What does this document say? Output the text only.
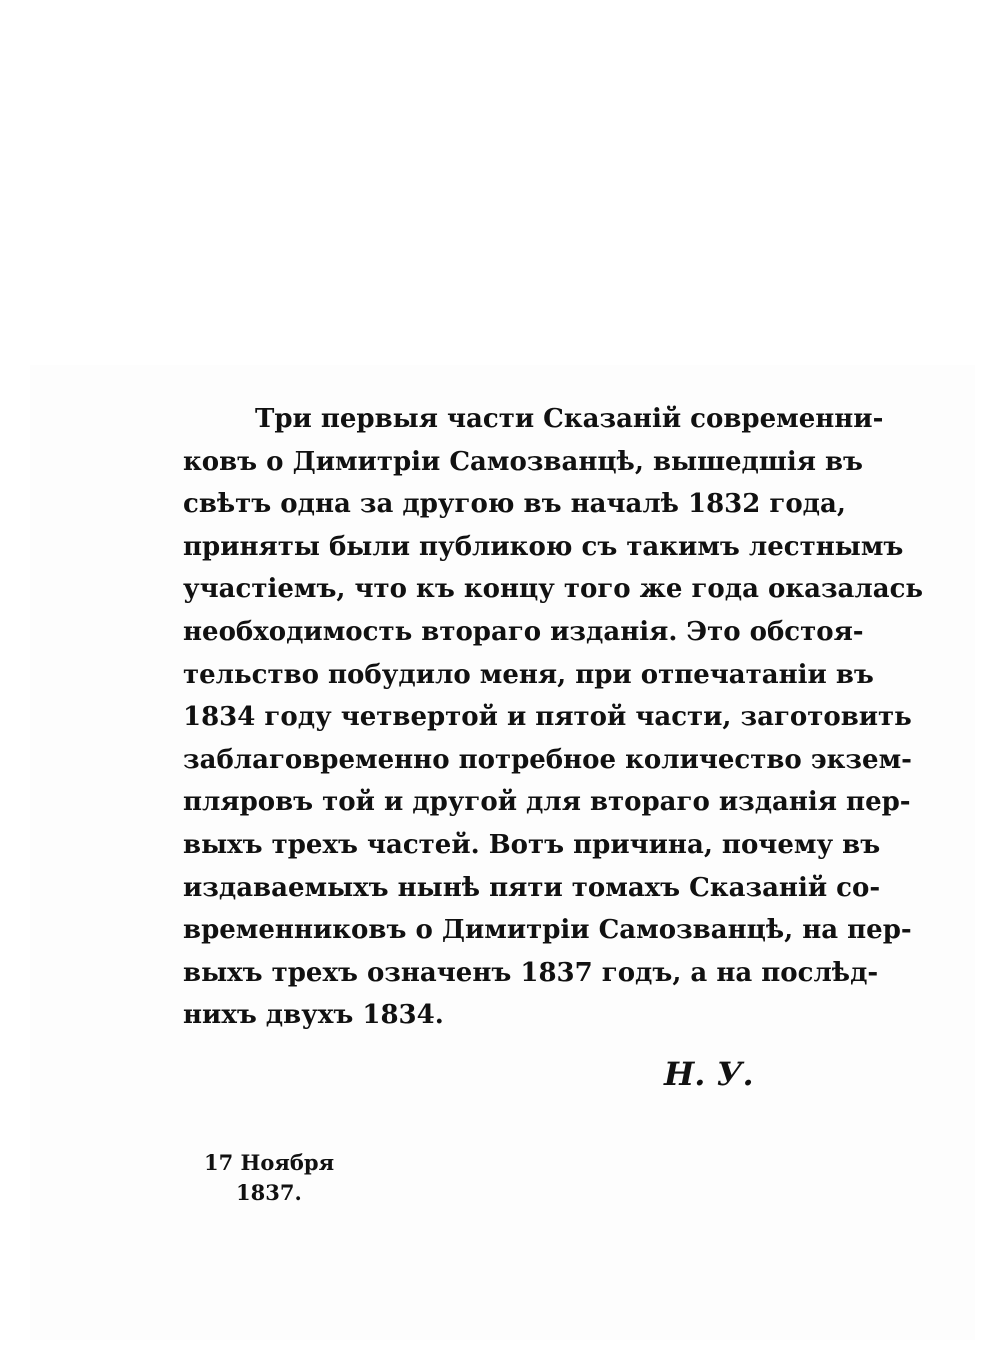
Три первыя части Сказаній современни-
ковъ о Димитріи Самозванцѣ, вышедшія въ
свѣтъ одна за другою въ началѣ 1832 года,
приняты были публикою съ такимъ лестнымъ
участіемъ, что къ концу того же года оказалась
необходимость втораго изданія. Это обстоя-
тельство побудило меня, при отпечатаніи въ
1834 году четвертой и пятой части, заготовить
заблаговременно потребное количество экзем-
пляровъ той и другой для втораго изданія пер-
выхъ трехъ частей. Вотъ причина, почему въ
издаваемыхъ нынѣ пяти томахъ Сказаній со-
временниковъ о Димитріи Самозванцѣ, на пер-
выхъ трехъ означенъ 1837 годъ, а на послѣд-
нихъ двухъ 1834.

Н. У.
17 Ноября
1837.
